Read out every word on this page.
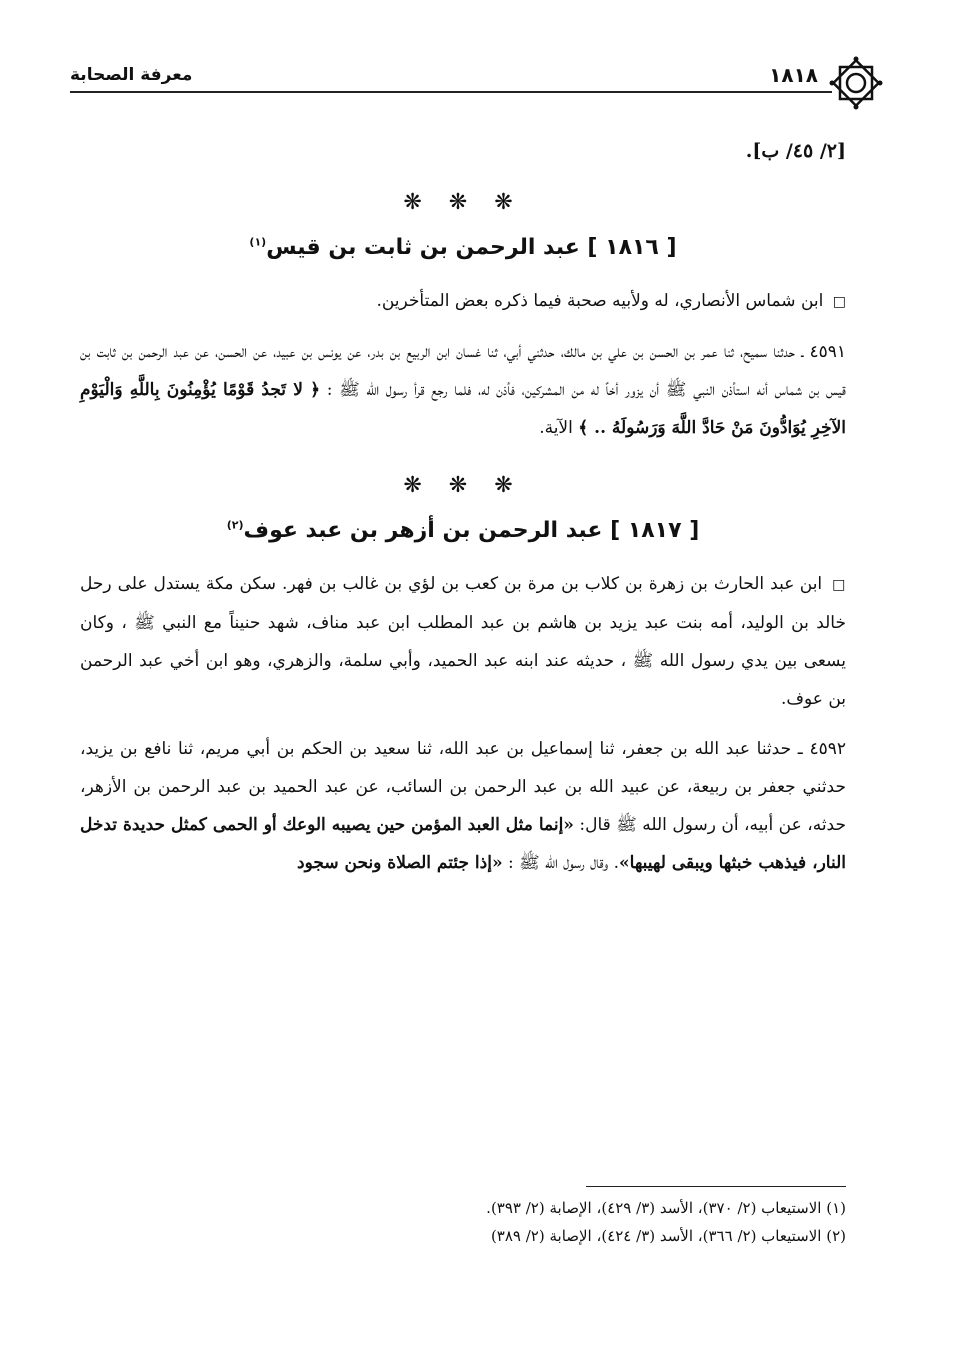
١٨١٨
معرفة الصحابة

[٢/ ٤٥/ ب].

❋ ❋ ❋
[ ١٨١٦ ] عبد الرحمن بن ثابت بن قيس$^{(١)}$

□ ابن شماس الأنصاري، له ولأبيه صحبة فيما ذكره بعض المتأخرين.

٤٥٩١ ـ حدثنا سميح، ثنا عمر بن الحسن بن علي بن مالك، حدثني أبي، ثنا غسان ابن الربيع بن بدر، عن يونس بن عبيد، عن الحسن، عن عبد الرحمن بن ثابت بن قيس بن شماس أنه استأذن النبي ﷺ أن يزور أخاً له من المشركين، فأذن له، فلما رجع قرأ رسول الله ﷺ : ﴿ لا تَجدُ قَوْمًا يُؤْمِنُونَ بِاللَّهِ وَالْيَوْمِ الآخِرِ يُوَادُّونَ مَنْ حَادَّ اللَّهَ وَرَسُولَهُ .. ﴾ الآية.

❋ ❋ ❋
[ ١٨١٧ ] عبد الرحمن بن أزهر بن عبد عوف$^{(٢)}$

□ ابن عبد الحارث بن زهرة بن كلاب بن مرة بن كعب بن لؤي بن غالب بن فهر. سكن مكة يستدل على رحل خالد بن الوليد، أمه بنت عبد يزيد بن هاشم بن عبد المطلب ابن عبد مناف، شهد حنيناً مع النبي ﷺ ، وكان يسعى بين يدي رسول الله ﷺ ، حديثه عند ابنه عبد الحميد، وأبي سلمة، والزهري، وهو ابن أخي عبد الرحمن بن عوف.

٤٥٩٢ ـ حدثنا عبد الله بن جعفر، ثنا إسماعيل بن عبد الله، ثنا سعيد بن الحكم بن أبي مريم، ثنا نافع بن يزيد، حدثني جعفر بن ربيعة، عن عبيد الله بن عبد الرحمن بن السائب، عن عبد الحميد بن عبد الرحمن بن الأزهر، حدثه، عن أبيه، أن رسول الله ﷺ قال: «إنما مثل العبد المؤمن حين يصيبه الوعك أو الحمى كمثل حديدة تدخل النار، فيذهب خبثها ويبقى لهيبها». وقال رسول الله ﷺ : «إذا جئتم الصلاة ونحن سجود

(١) الاستيعاب (٢/ ٣٧٠)، الأسد (٣/ ٤٢٩)، الإصابة (٢/ ٣٩٣).
(٢) الاستيعاب (٢/ ٣٦٦)، الأسد (٣/ ٤٢٤)، الإصابة (٢/ ٣٨٩)
